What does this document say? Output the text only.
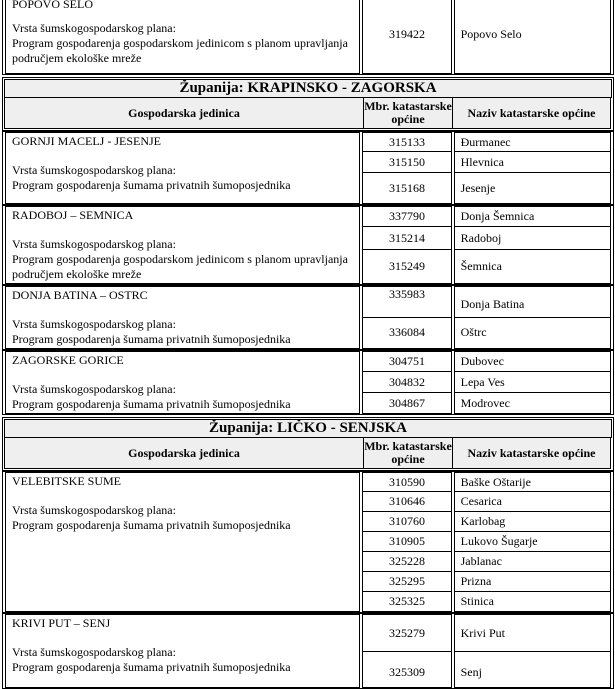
POPOVO SELO
Vrsta šumskogospodarskog plana:
Program gospodarenja gospodarskom jedinicom s planom upravljanja područjem ekološke mreže
	319422	Popovo Selo
Županija: KRAPINSKO - ZAGORSKA
Gospodarska jedinica	Mbr. katastarske općine	Naziv katastarske općine
GORNJI MACELJ - JESENJE
Vrsta šumskogospodarskog plana:
Program gospodarenja šumama privatnih šumoposjednika	315133	Đurmanec
	315150	Hlevnica
	315168	Jesenje
RADOBOJ – SEMNICA
Vrsta šumskogospodarskog plana:
Program gospodarenja gospodarskom jedinicom s planom upravljanja područjem ekološke mreže	337790	Donja Šemnica
	315214	Radoboj
	315249	Šemnica
DONJA BATINA – OSTRC
Vrsta šumskogospodarskog plana:
Program gospodarenja šumama privatnih šumoposjednika	335983	Donja Batina
	336084	Oštrc
ZAGORSKE GORICE
Vrsta šumskogospodarskog plana:
Program gospodarenja šumama privatnih šumoposjednika	304751	Dubovec
	304832	Lepa Ves
	304867	Modrovec
Županija: LIČKO - SENJSKA
Gospodarska jedinica	Mbr. katastarske općine	Naziv katastarske općine
VELEBITSKE SUME
Vrsta šumskogospodarskog plana:
Program gospodarenja šumama privatnih šumoposjednika	310590	Baške Oštarije
	310646	Cesarica
	310760	Karlobag
	310905	Lukovo Šugarje
	325228	Jablanac
	325295	Prizna
	325325	Stinica
KRIVI PUT – SENJ
Vrsta šumskogospodarskog plana:
Program gospodarenja šumama privatnih šumoposjednika	325279	Krivi Put
	325309	Senj
